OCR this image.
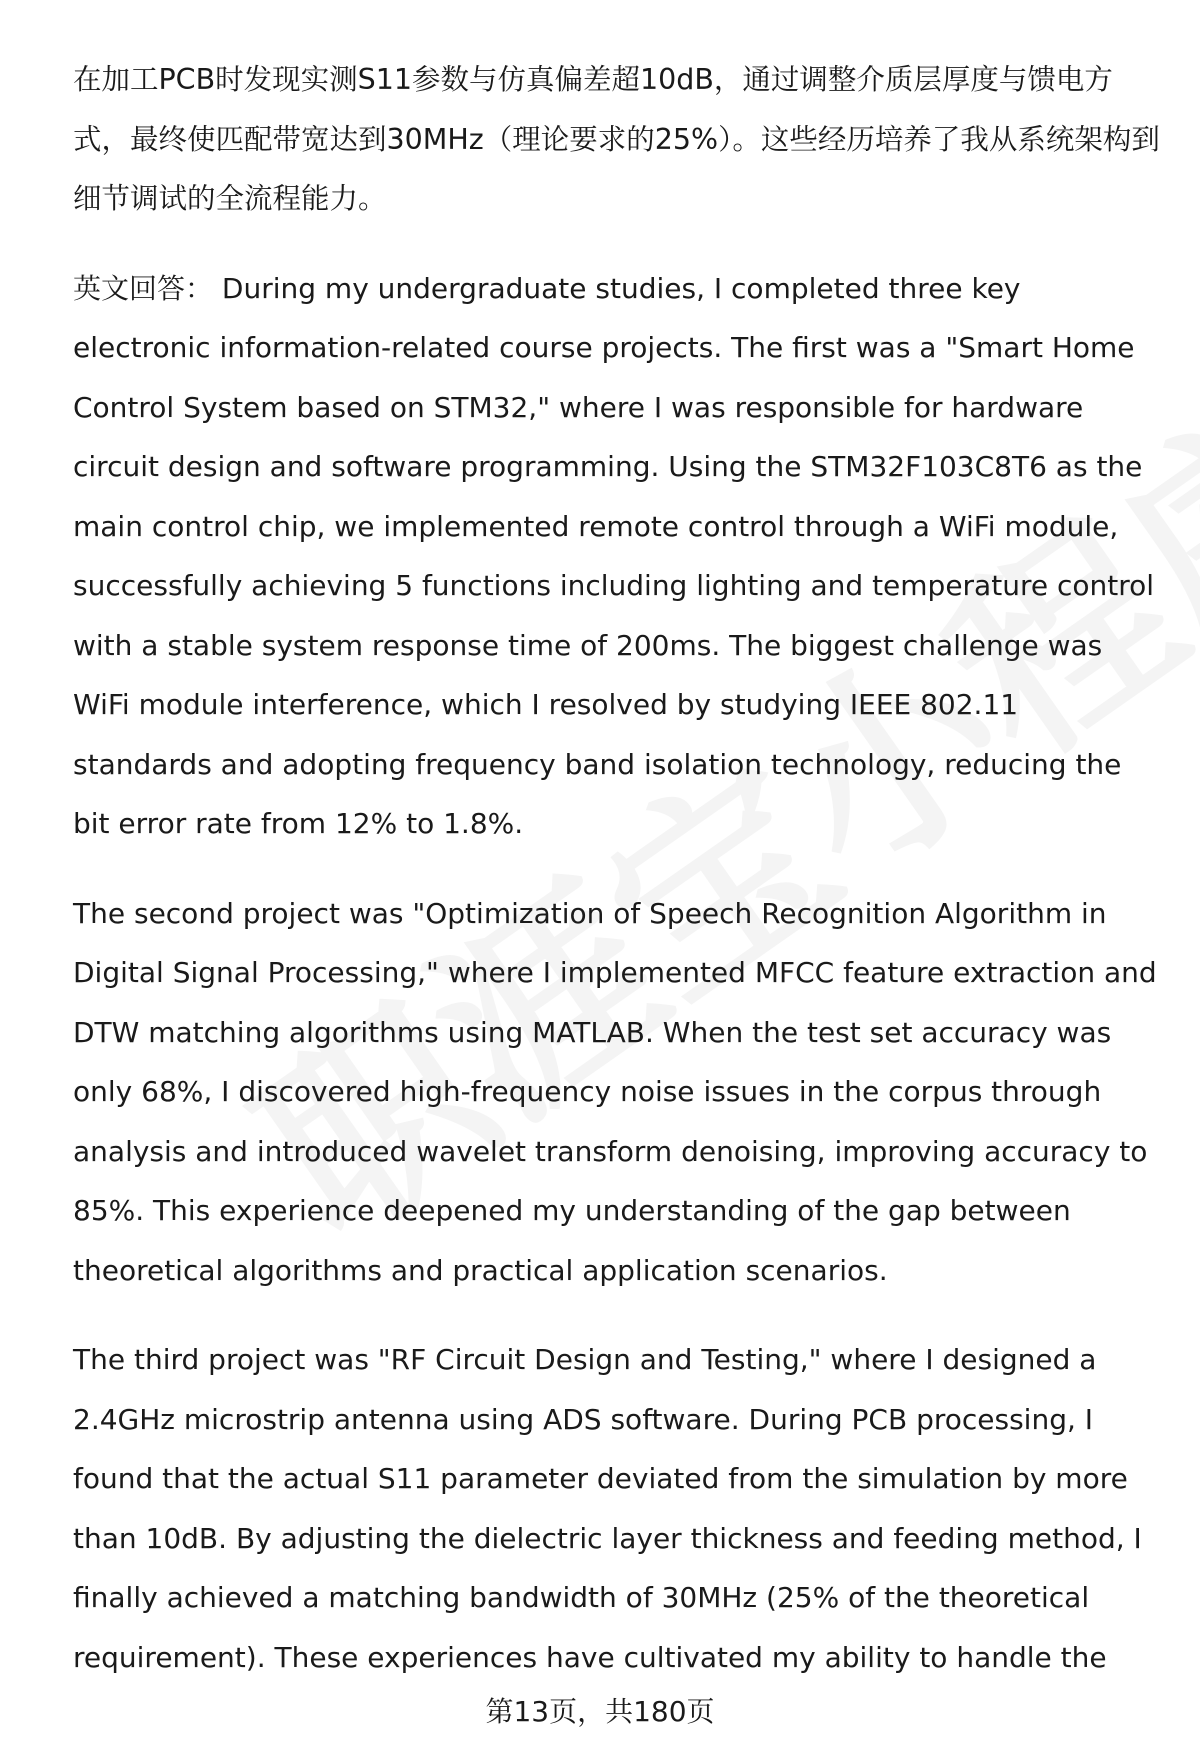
在加工PCB时发现实测S11参数与仿真偏差超10dB，通过调整介质层厚度与馈电方式，最终使匹配带宽达到30MHz（理论要求的25%）。这些经历培养了我从系统架构到细节调试的全流程能力。

英文回答： During my undergraduate studies, I completed three key electronic information-related course projects. The first was a "Smart Home Control System based on STM32," where I was responsible for hardware circuit design and software programming. Using the STM32F103C8T6 as the main control chip, we implemented remote control through a WiFi module, successfully achieving 5 functions including lighting and temperature control with a stable system response time of 200ms. The biggest challenge was WiFi module interference, which I resolved by studying IEEE 802.11 standards and adopting frequency band isolation technology, reducing the bit error rate from 12% to 1.8%.

The second project was "Optimization of Speech Recognition Algorithm in Digital Signal Processing," where I implemented MFCC feature extraction and DTW matching algorithms using MATLAB. When the test set accuracy was only 68%, I discovered high-frequency noise issues in the corpus through analysis and introduced wavelet transform denoising, improving accuracy to 85%. This experience deepened my understanding of the gap between theoretical algorithms and practical application scenarios.

The third project was "RF Circuit Design and Testing," where I designed a 2.4GHz microstrip antenna using ADS software. During PCB processing, I found that the actual S11 parameter deviated from the simulation by more than 10dB. By adjusting the dielectric layer thickness and feeding method, I finally achieved a matching bandwidth of 30MHz (25% of the theoretical requirement). These experiences have cultivated my ability to handle the

第13页，共180页
